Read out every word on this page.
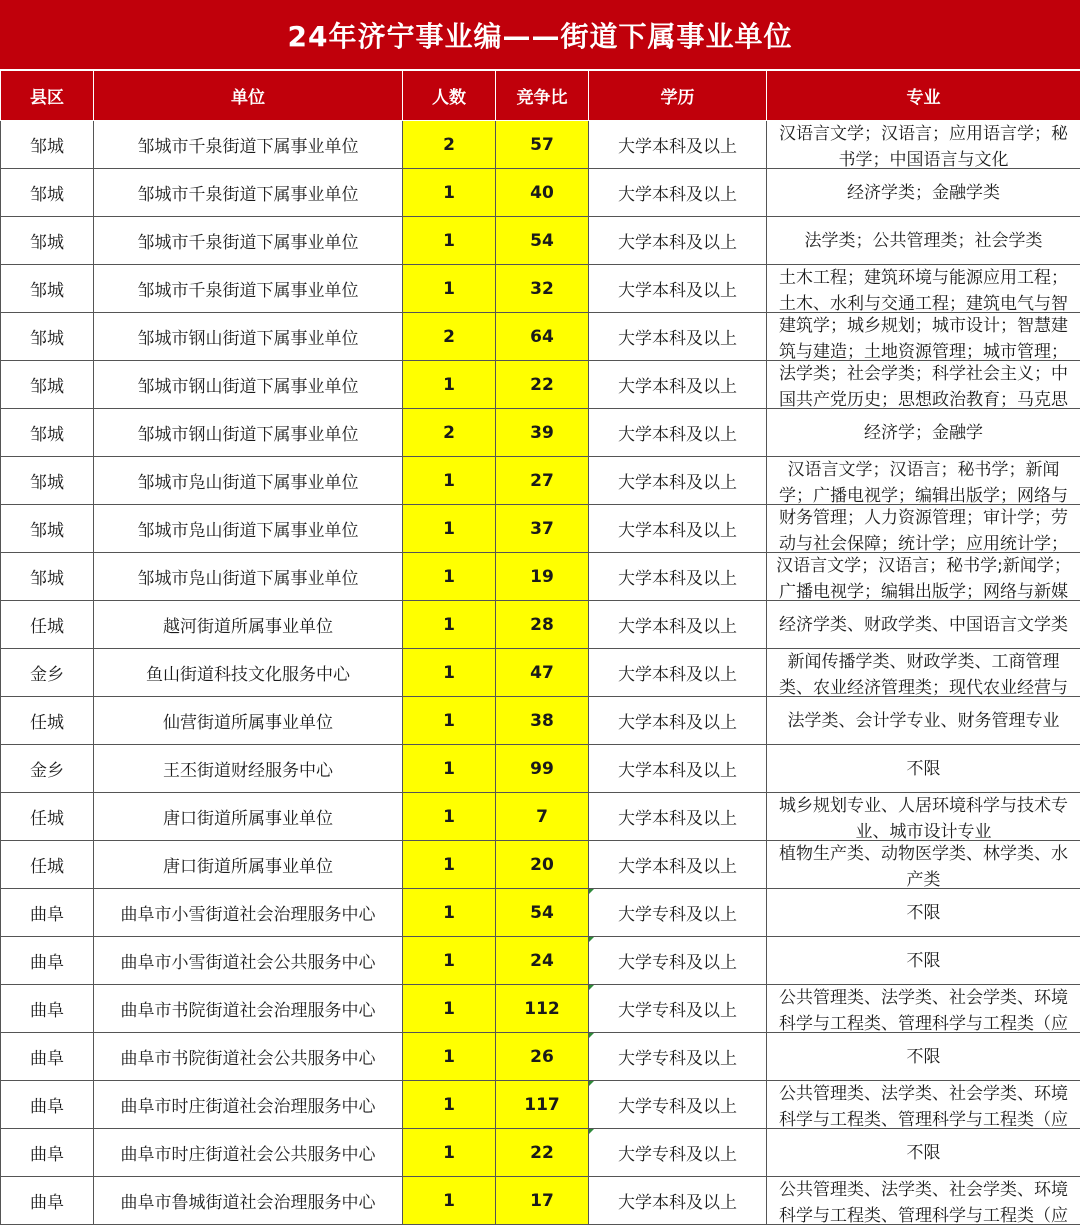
24年济宁事业编——街道下属事业单位
县区	单位	人数	竞争比	学历	专业
邹城	邹城市千泉街道下属事业单位	2	57	大学本科及以上	汉语言文学；汉语言；应用语言学；秘书学；中国语言与文化

邹城	邹城市千泉街道下属事业单位	1	40	大学本科及以上	经济学类；金融学类

邹城	邹城市千泉街道下属事业单位	1	54	大学本科及以上	法学类；公共管理类；社会学类

邹城	邹城市千泉街道下属事业单位	1	32	大学本科及以上	土木工程；建筑环境与能源应用工程；土木、水利与交通工程；建筑电气与智

邹城	邹城市钢山街道下属事业单位	2	64	大学本科及以上	建筑学；城乡规划；城市设计；智慧建筑与建造；土地资源管理；城市管理；

邹城	邹城市钢山街道下属事业单位	1	22	大学本科及以上	法学类；社会学类；科学社会主义；中国共产党历史；思想政治教育；马克思

邹城	邹城市钢山街道下属事业单位	2	39	大学本科及以上	经济学；金融学

邹城	邹城市凫山街道下属事业单位	1	27	大学本科及以上	汉语言文学；汉语言；秘书学；新闻学；广播电视学；编辑出版学；网络与

邹城	邹城市凫山街道下属事业单位	1	37	大学本科及以上	财务管理；人力资源管理；审计学；劳动与社会保障；统计学；应用统计学；

邹城	邹城市凫山街道下属事业单位	1	19	大学本科及以上	汉语言文学；汉语言；秘书学;新闻学；广播电视学；编辑出版学；网络与新媒

任城	越河街道所属事业单位	1	28	大学本科及以上	经济学类、财政学类、中国语言文学类

金乡	鱼山街道科技文化服务中心	1	47	大学本科及以上	新闻传播学类、财政学类、工商管理类、农业经济管理类；现代农业经营与

任城	仙营街道所属事业单位	1	38	大学本科及以上	法学类、会计学专业、财务管理专业

金乡	王丕街道财经服务中心	1	99	大学本科及以上	不限

任城	唐口街道所属事业单位	1	7	大学本科及以上	城乡规划专业、人居环境科学与技术专业、城市设计专业

任城	唐口街道所属事业单位	1	20	大学本科及以上	植物生产类、动物医学类、林学类、水产类

曲阜	曲阜市小雪街道社会治理服务中心	1	54	大学专科及以上	不限

曲阜	曲阜市小雪街道社会公共服务中心	1	24	大学专科及以上	不限

曲阜	曲阜市书院街道社会治理服务中心	1	112	大学专科及以上	公共管理类、法学类、社会学类、环境科学与工程类、管理科学与工程类（应

曲阜	曲阜市书院街道社会公共服务中心	1	26	大学专科及以上	不限

曲阜	曲阜市时庄街道社会治理服务中心	1	117	大学专科及以上	公共管理类、法学类、社会学类、环境科学与工程类、管理科学与工程类（应

曲阜	曲阜市时庄街道社会公共服务中心	1	22	大学专科及以上	不限

曲阜	曲阜市鲁城街道社会治理服务中心	1	17	大学本科及以上	公共管理类、法学类、社会学类、环境科学与工程类、管理科学与工程类（应
